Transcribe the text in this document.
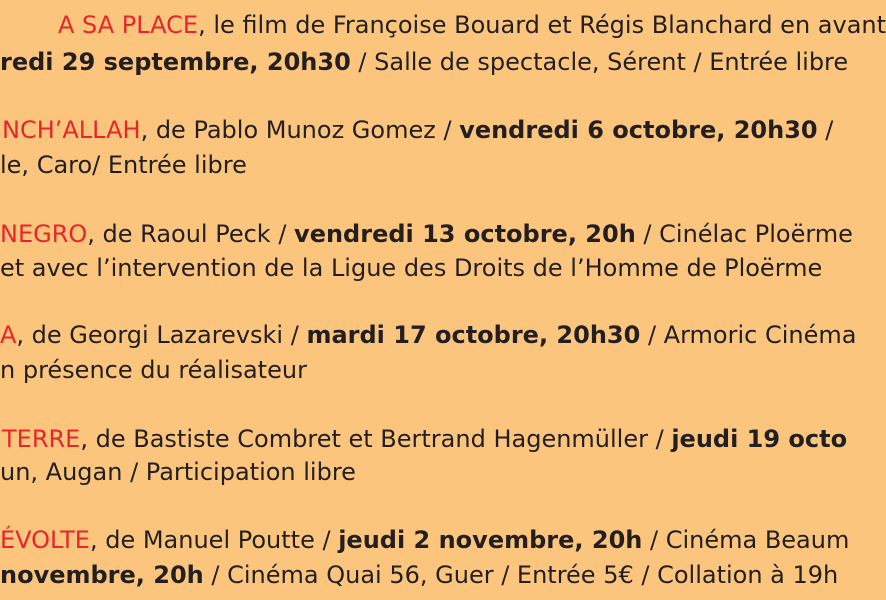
A SA PLACE, le film de Françoise Bouard et Régis Blanchard en avant
redi 29 septembre, 20h30 / Salle de spectacle, Sérent / Entrée libre
NCH’ALLAH, de Pablo Munoz Gomez / vendredi 6 octobre, 20h30 /
le, Caro/ Entrée libre
NEGRO, de Raoul Peck / vendredi 13 octobre, 20h / Cinélac Ploërme
et avec l’intervention de la Ligue des Droits de l’Homme de Ploërme
A, de Georgi Lazarevski / mardi 17 octobre, 20h30 / Armoric Cinéma
n présence du réalisateur
TERRE, de Bastiste Combret et Bertrand Hagenmüller / jeudi 19 octo
un, Augan / Participation libre
ÉVOLTE, de Manuel Poutte / jeudi 2 novembre, 20h / Cinéma Beaum
novembre, 20h / Cinéma Quai 56, Guer / Entrée 5€ / Collation à 19h
